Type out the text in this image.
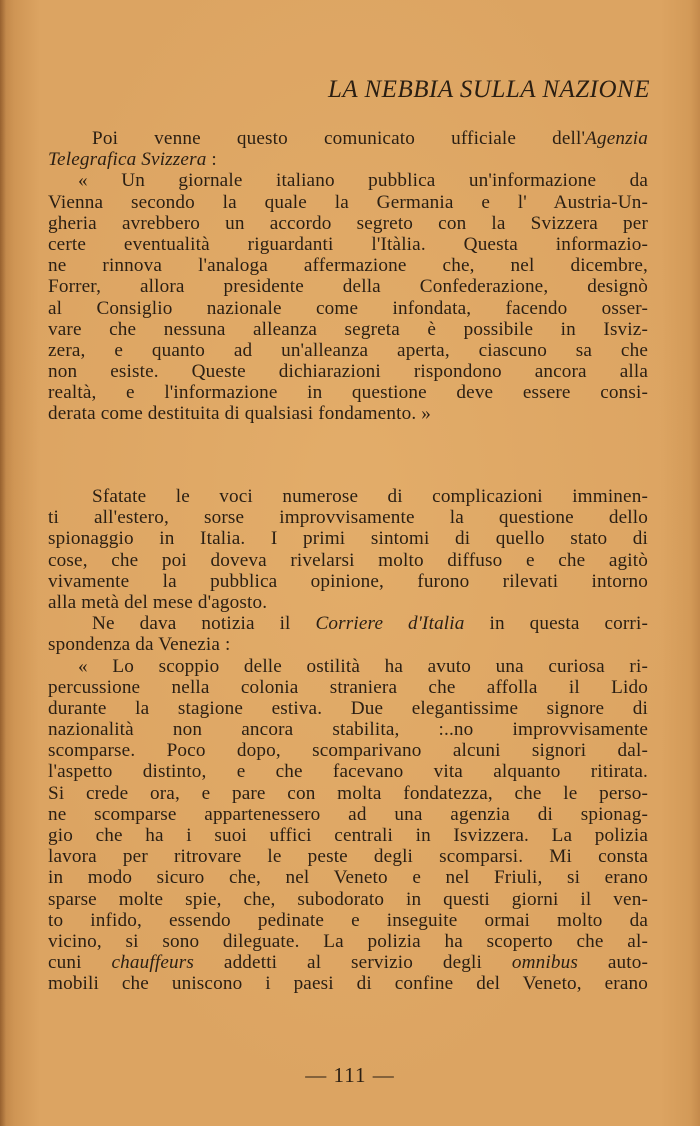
LA NEBBIA SULLA NAZIONE
Poi venne questo comunicato ufficiale dell'Agenzia
Telegrafica Svizzera :
« Un giornale italiano pubblica un'informazione da
Vienna secondo la quale la Germania e l' Austria-Un-
gheria avrebbero un accordo segreto con la Svizzera per
certe eventualità riguardanti l'Itàlia. Questa informazio-
ne rinnova l'analoga affermazione che, nel dicembre,
Forrer, allora presidente della Confederazione, designò
al Consiglio nazionale come infondata, facendo osser-
vare che nessuna alleanza segreta è possibile in Isviz-
zera, e quanto ad un'alleanza aperta, ciascuno sa che
non esiste. Queste dichiarazioni rispondono ancora alla
realtà, e l'informazione in questione deve essere consi-
derata come destituita di qualsiasi fondamento. »
Sfatate le voci numerose di complicazioni imminen-
ti all'estero, sorse improvvisamente la questione dello
spionaggio in Italia. I primi sintomi di quello stato di
cose, che poi doveva rivelarsi molto diffuso e che agitò
vivamente la pubblica opinione, furono rilevati intorno
alla metà del mese d'agosto.
Ne dava notizia il Corriere d'Italia in questa corri-
spondenza da Venezia :
« Lo scoppio delle ostilità ha avuto una curiosa ri-
percussione nella colonia straniera che affolla il Lido
durante la stagione estiva. Due elegantissime signore di
nazionalità non ancora stabilita, :..no improvvisamente
scomparse. Poco dopo, scomparivano alcuni signori dal-
l'aspetto distinto, e che facevano vita alquanto ritirata.
Si crede ora, e pare con molta fondatezza, che le perso-
ne scomparse appartenessero ad una agenzia di spionag-
gio che ha i suoi uffici centrali in Isvizzera. La polizia
lavora per ritrovare le peste degli scomparsi. Mi consta
in modo sicuro che, nel Veneto e nel Friuli, si erano
sparse molte spie, che, subodorato in questi giorni il ven-
to infido, essendo pedinate e inseguite ormai molto da
vicino, si sono dileguate. La polizia ha scoperto che al-
cuni chauffeurs addetti al servizio degli omnibus auto-
mobili che uniscono i paesi di confine del Veneto, erano
— 111 —
